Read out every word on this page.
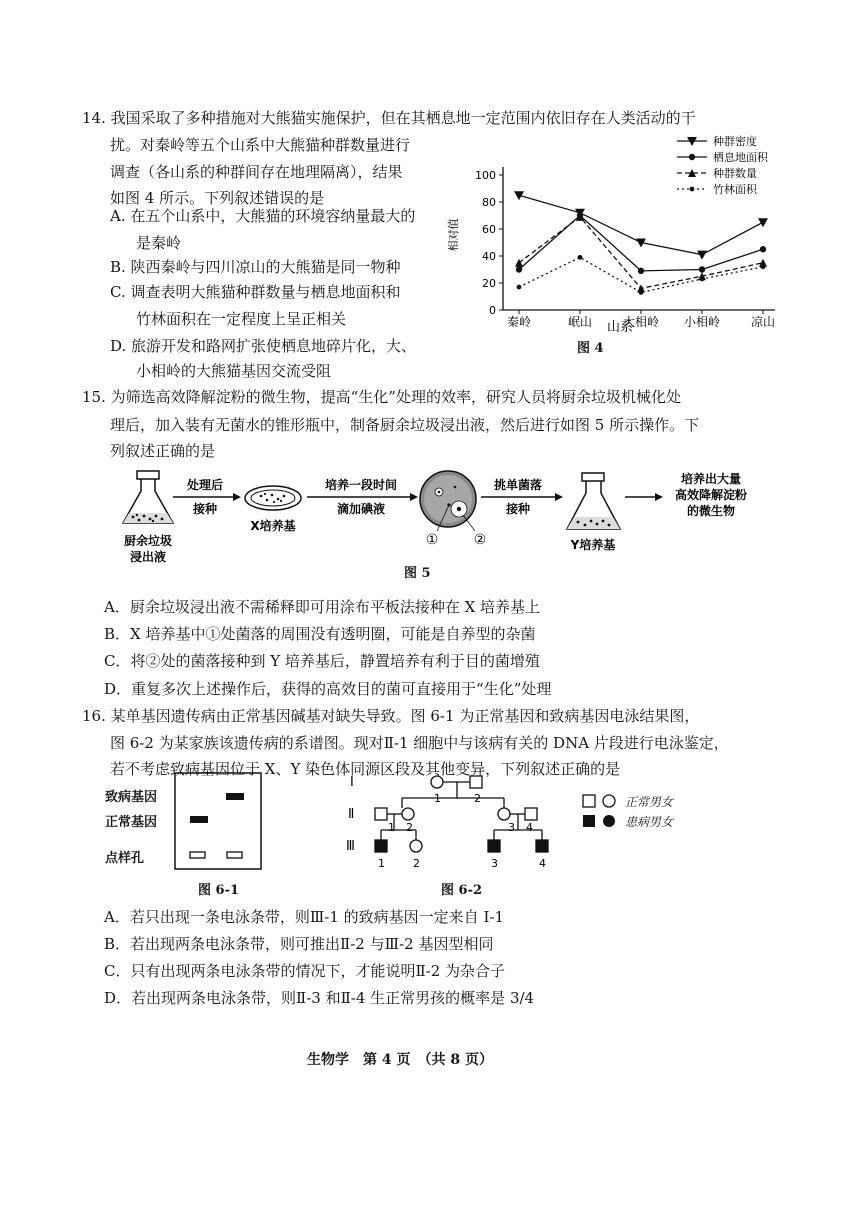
14. 我国采取了多种措施对大熊猫实施保护，但在其栖息地一定范围内依旧存在人类活动的干
扰。对秦岭等五个山系中大熊猫种群数量进行
调查（各山系的种群间存在地理隔离），结果
如图 4 所示。下列叙述错误的是
A. 在五个山系中，大熊猫的环境容纳量最大的
是秦岭
B. 陕西秦岭与四川凉山的大熊猫是同一物种
C. 调查表明大熊猫种群数量与栖息地面积和
竹林面积在一定程度上呈正相关
D. 旅游开发和路网扩张使栖息地碎片化，大、
小相岭的大熊猫基因交流受阻
0
20
40
60
80
100
秦岭	岷山	大相岭 小相岭	凉山
种群密度
栖息地面积
种群数量
竹林面积
相对值
山系
图 4
15. 为筛选高效降解淀粉的微生物，提高“生化”处理的效率，研究人员将厨余垃圾机械化处
理后，加入装有无菌水的锥形瓶中，制备厨余垃圾浸出液，然后进行如图 5 所示操作。下
列叙述正确的是
厨余垃圾
浸出液
处理后
接种
X培养基
培养一段时间
滴加碘液
①	②
挑单菌落
接种
Y培养基
培养出大量
高效降解淀粉
的微生物
图 5
A．厨余垃圾浸出液不需稀释即可用涂布平板法接种在 X 培养基上
B．X 培养基中①处菌落的周围没有透明圈，可能是自养型的杂菌
C．将②处的菌落接种到 Y 培养基后，静置培养有利于目的菌增殖
D．重复多次上述操作后，获得的高效目的菌可直接用于“生化”处理
16. 某单基因遗传病由正常基因碱基对缺失导致。图 6-1 为正常基因和致病基因电泳结果图，
图 6-2 为某家族该遗传病的系谱图。现对Ⅱ-1 细胞中与该病有关的 DNA 片段进行电泳鉴定，
若不考虑致病基因位于 X、Y 染色体同源区段及其他变异，下列叙述正确的是
致病基因
正常基因
点样孔
图 6-1
Ⅰ
Ⅱ
Ⅲ
1	2
1 2	3 4
1	2	3	4
图 6-2
正常男女
患病男女
A．若只出现一条电泳条带，则Ⅲ-1 的致病基因一定来自 I-1
B．若出现两条电泳条带，则可推出Ⅱ-2 与Ⅲ-2 基因型相同
C．只有出现两条电泳条带的情况下，才能说明Ⅱ-2 为杂合子
D．若出现两条电泳条带，则Ⅱ-3 和Ⅱ-4 生正常男孩的概率是 3/4
生物学　第 4 页　（共 8 页）
